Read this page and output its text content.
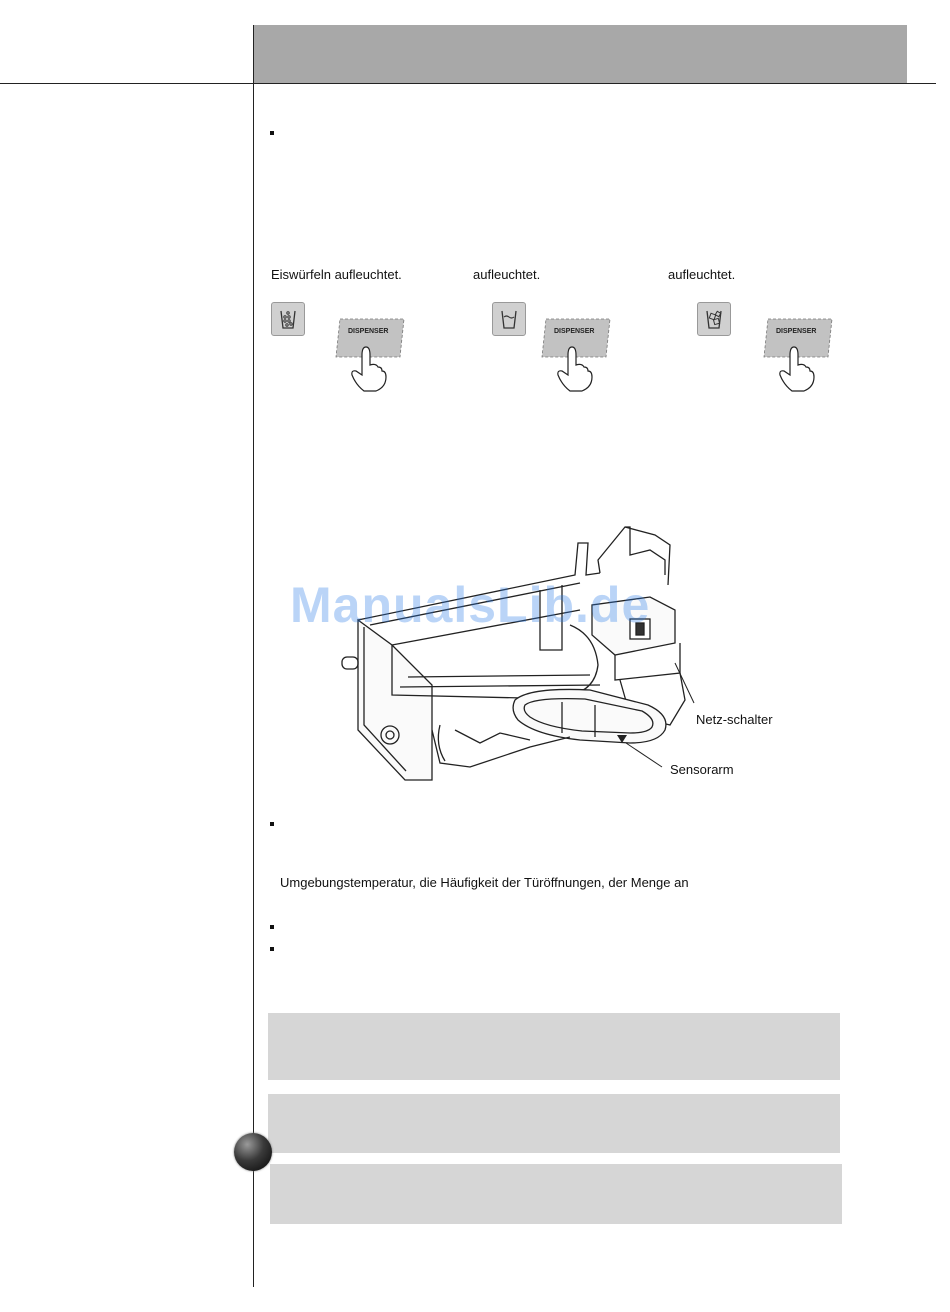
Eiswürfeln aufleuchtet.	aufleuchtet.	aufleuchtet.
DISPENSER	DISPENSER	DISPENSER
ManualsLib.de
Netz-schalter
Sensorarm
Umgebungstemperatur, die Häufigkeit der Türöffnungen, der Menge an
